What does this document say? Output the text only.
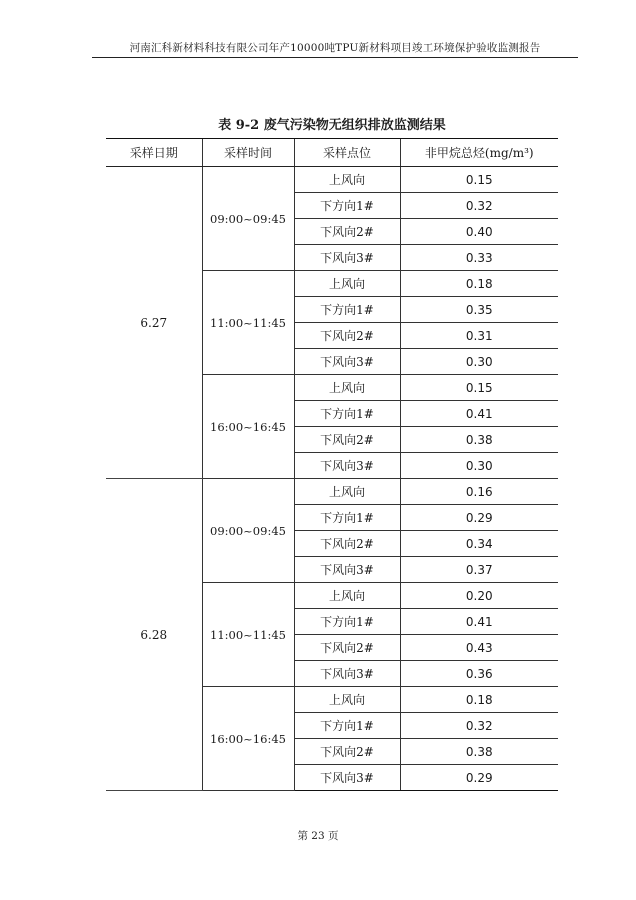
河南汇科新材料科技有限公司年产10000吨TPU新材料项目竣工环境保护验收监测报告
表 9-2 废气污染物无组织排放监测结果
采样日期	采样时间	采样点位	非甲烷总烃(mg/m³)
6.27	09:00~09:45	上风向	0.15
		下方向1#	0.32
		下风向2#	0.40
		下风向3#	0.33
	11:00~11:45	上风向	0.18
		下方向1#	0.35
		下风向2#	0.31
		下风向3#	0.30
	16:00~16:45	上风向	0.15
		下方向1#	0.41
		下风向2#	0.38
		下风向3#	0.30
6.28	09:00~09:45	上风向	0.16
		下方向1#	0.29
		下风向2#	0.34
		下风向3#	0.37
	11:00~11:45	上风向	0.20
		下方向1#	0.41
		下风向2#	0.43
		下风向3#	0.36
	16:00~16:45	上风向	0.18
		下方向1#	0.32
		下风向2#	0.38
		下风向3#	0.29
第 23 页
